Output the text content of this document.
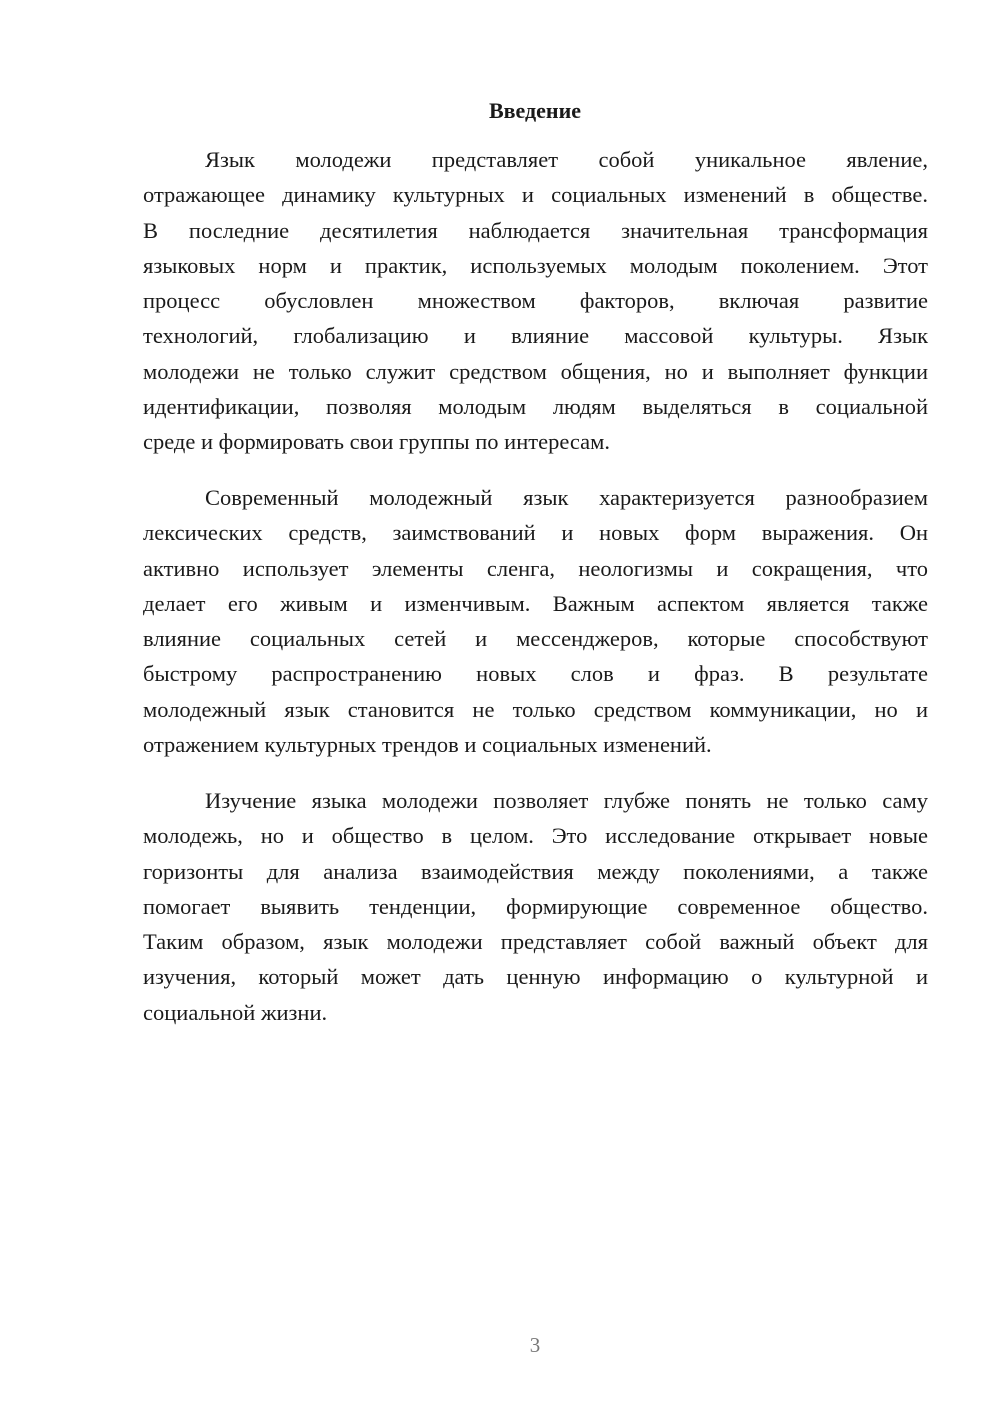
Введение
Язык молодежи представляет собой уникальное явление,
отражающее динамику культурных и социальных изменений в обществе.
В последние десятилетия наблюдается значительная трансформация
языковых норм и практик, используемых молодым поколением. Этот
процесс обусловлен множеством факторов, включая развитие
технологий, глобализацию и влияние массовой культуры. Язык
молодежи не только служит средством общения, но и выполняет функции
идентификации, позволяя молодым людям выделяться в социальной
среде и формировать свои группы по интересам.
Современный молодежный язык характеризуется разнообразием
лексических средств, заимствований и новых форм выражения. Он
активно использует элементы сленга, неологизмы и сокращения, что
делает его живым и изменчивым. Важным аспектом является также
влияние социальных сетей и мессенджеров, которые способствуют
быстрому распространению новых слов и фраз. В результате
молодежный язык становится не только средством коммуникации, но и
отражением культурных трендов и социальных изменений.
Изучение языка молодежи позволяет глубже понять не только саму
молодежь, но и общество в целом. Это исследование открывает новые
горизонты для анализа взаимодействия между поколениями, а также
помогает выявить тенденции, формирующие современное общество.
Таким образом, язык молодежи представляет собой важный объект для
изучения, который может дать ценную информацию о культурной и
социальной жизни.
3
